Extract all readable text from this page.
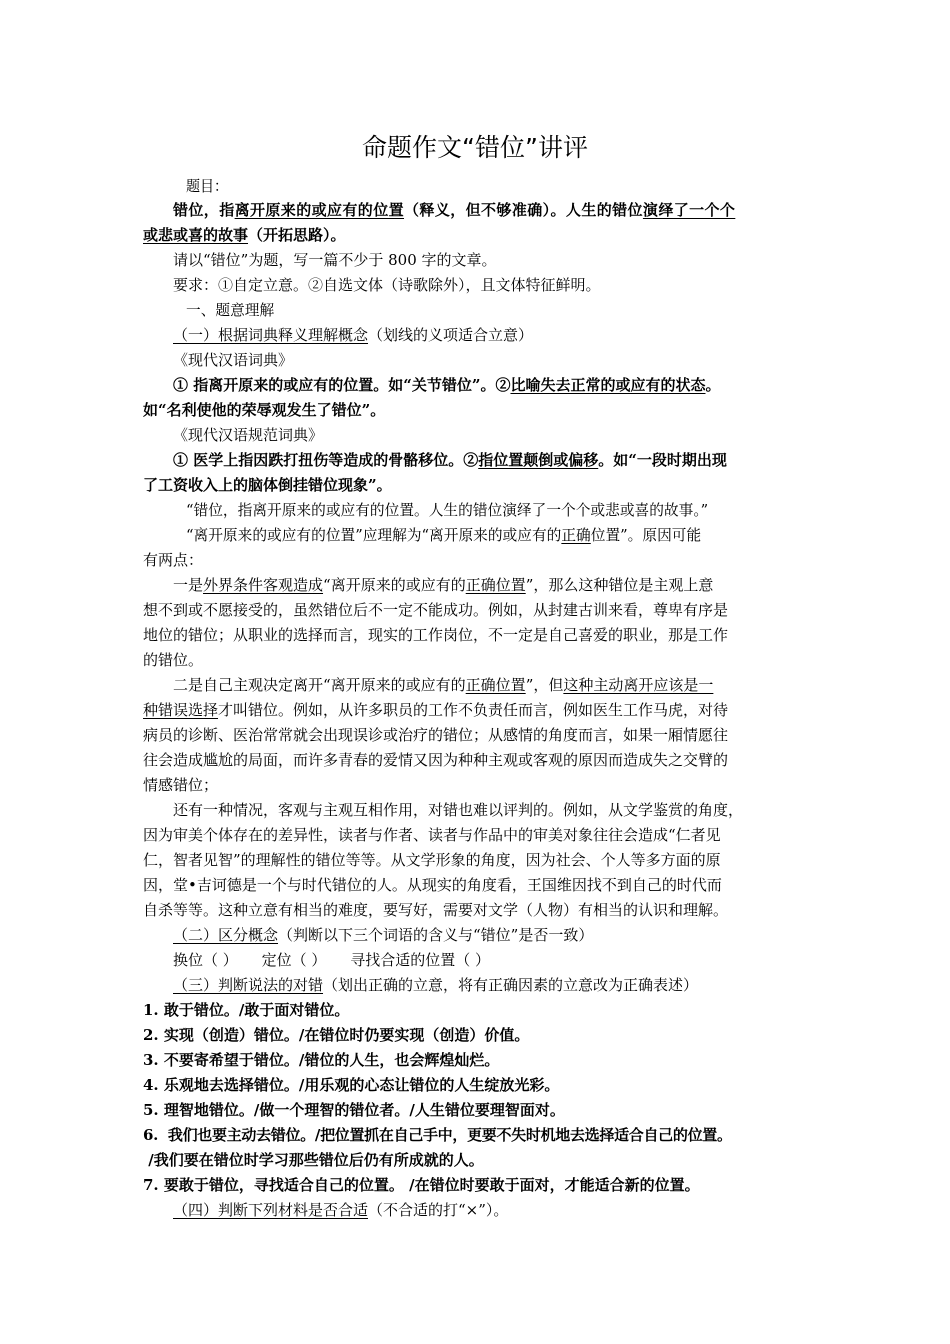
命题作文“错位”讲评
题目：
错位，指离开原来的或应有的位置（释义，但不够准确）。人生的错位演绎了一个个
或悲或喜的故事（开拓思路）。
请以“错位”为题，写一篇不少于 800 字的文章。
要求：①自定立意。②自选文体（诗歌除外），且文体特征鲜明。
一、题意理解
（一）根据词典释义理解概念（划线的义项适合立意）
《现代汉语词典》
① 指离开原来的或应有的位置。如“关节错位”。②比喻失去正常的或应有的状态。
如“名利使他的荣辱观发生了错位”。
《现代汉语规范词典》
① 医学上指因跌打扭伤等造成的骨骼移位。②指位置颠倒或偏移。如“一段时期出现
了工资收入上的脑体倒挂错位现象”。
“错位，指离开原来的或应有的位置。人生的错位演绎了一个个或悲或喜的故事。”
“离开原来的或应有的位置”应理解为“离开原来的或应有的正确位置”。原因可能
有两点：
一是外界条件客观造成“离开原来的或应有的正确位置”，那么这种错位是主观上意
想不到或不愿接受的，虽然错位后不一定不能成功。例如，从封建古训来看，尊卑有序是
地位的错位；从职业的选择而言，现实的工作岗位，不一定是自己喜爱的职业，那是工作
的错位。
二是自己主观决定离开“离开原来的或应有的正确位置”，但这种主动离开应该是一
种错误选择才叫错位。例如，从许多职员的工作不负责任而言，例如医生工作马虎，对待
病员的诊断、医治常常就会出现误诊或治疗的错位；从感情的角度而言，如果一厢情愿往
往会造成尴尬的局面，而许多青春的爱情又因为种种主观或客观的原因而造成失之交臂的
情感错位；
还有一种情况，客观与主观互相作用，对错也难以评判的。例如，从文学鉴赏的角度，
因为审美个体存在的差异性，读者与作者、读者与作品中的审美对象往往会造成“仁者见
仁，智者见智”的理解性的错位等等。从文学形象的角度，因为社会、个人等多方面的原
因，堂•吉诃德是一个与时代错位的人。从现实的角度看，王国维因找不到自己的时代而
自杀等等。这种立意有相当的难度，要写好，需要对文学（人物）有相当的认识和理解。
（二）区分概念（判断以下三个词语的含义与“错位”是否一致）
换位（ ）     定位（ ）     寻找合适的位置（ ）
（三）判断说法的对错（划出正确的立意，将有正确因素的立意改为正确表述）
1. 敢于错位。/敢于面对错位。
2. 实现（创造）错位。/在错位时仍要实现（创造）价值。
3. 不要寄希望于错位。/错位的人生，也会辉煌灿烂。
4. 乐观地去选择错位。/用乐观的心态让错位的人生绽放光彩。
5. 理智地错位。/做一个理智的错位者。/人生错位要理智面对。
6.  我们也要主动去错位。/把位置抓在自己手中，更要不失时机地去选择适合自己的位置。
/我们要在错位时学习那些错位后仍有所成就的人。
7. 要敢于错位，寻找适合自己的位置。 /在错位时要敢于面对，才能适合新的位置。
（四）判断下列材料是否合适（不合适的打“×”）。
